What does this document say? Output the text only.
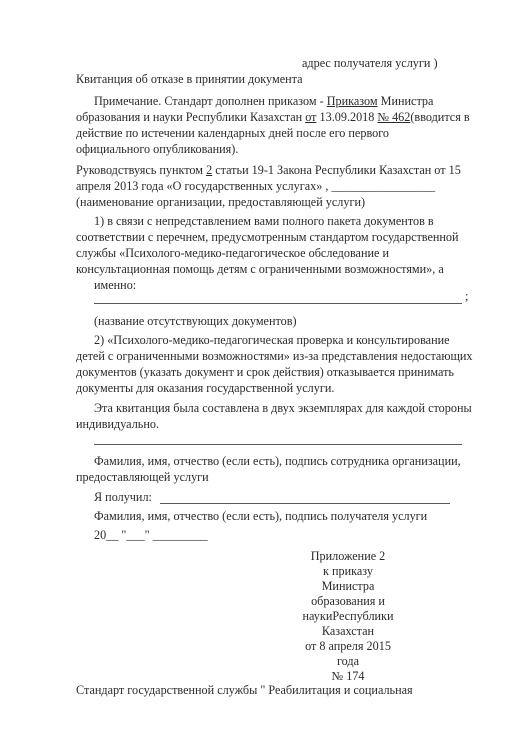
адрес получателя услуги )
Квитанция об отказе в принятии документа
Примечание. Стандарт дополнен приказом - Приказом Министра
образования и науки Республики Казахстан от 13.09.2018 № 462(вводится в
действие по истечении календарных дней после его первого
официального опубликования).
Руководствуясь пунктом 2 статьи 19-1 Закона Республики Казахстан от 15
апреля 2013 года «О государственных услугах» , _________________
(наименование организации, предоставляющей услуги)
1) в связи с непредставлением вами полного пакета документов в
соответствии с перечнем, предусмотренным стандартом государственной
службы «Психолого-медико-педагогическое обследование и
консультационная помощь детям с ограниченными возможностями», а
именно:
;
(название отсутствующих документов)
2) «Психолого-медико-педагогическая проверка и консультирование
детей с ограниченными возможностями» из-за представления недостающих
документов (указать документ и срок действия) отказывается принимать
документы для оказания государственной услуги.
Эта квитанция была составлена в двух экземплярах для каждой стороны
индивидуально.
Фамилия, имя, отчество (если есть), подпись сотрудника организации,
предоставляющей услуги
Я получил:
Фамилия, имя, отчество (если есть), подпись получателя услуги
20__ "___" _________
Приложение 2
к приказу
Министра
образования и
наукиРеспублики
Казахстан
от 8 апреля 2015
года
№ 174
Стандарт государственной службы " Реабилитация и социальная
